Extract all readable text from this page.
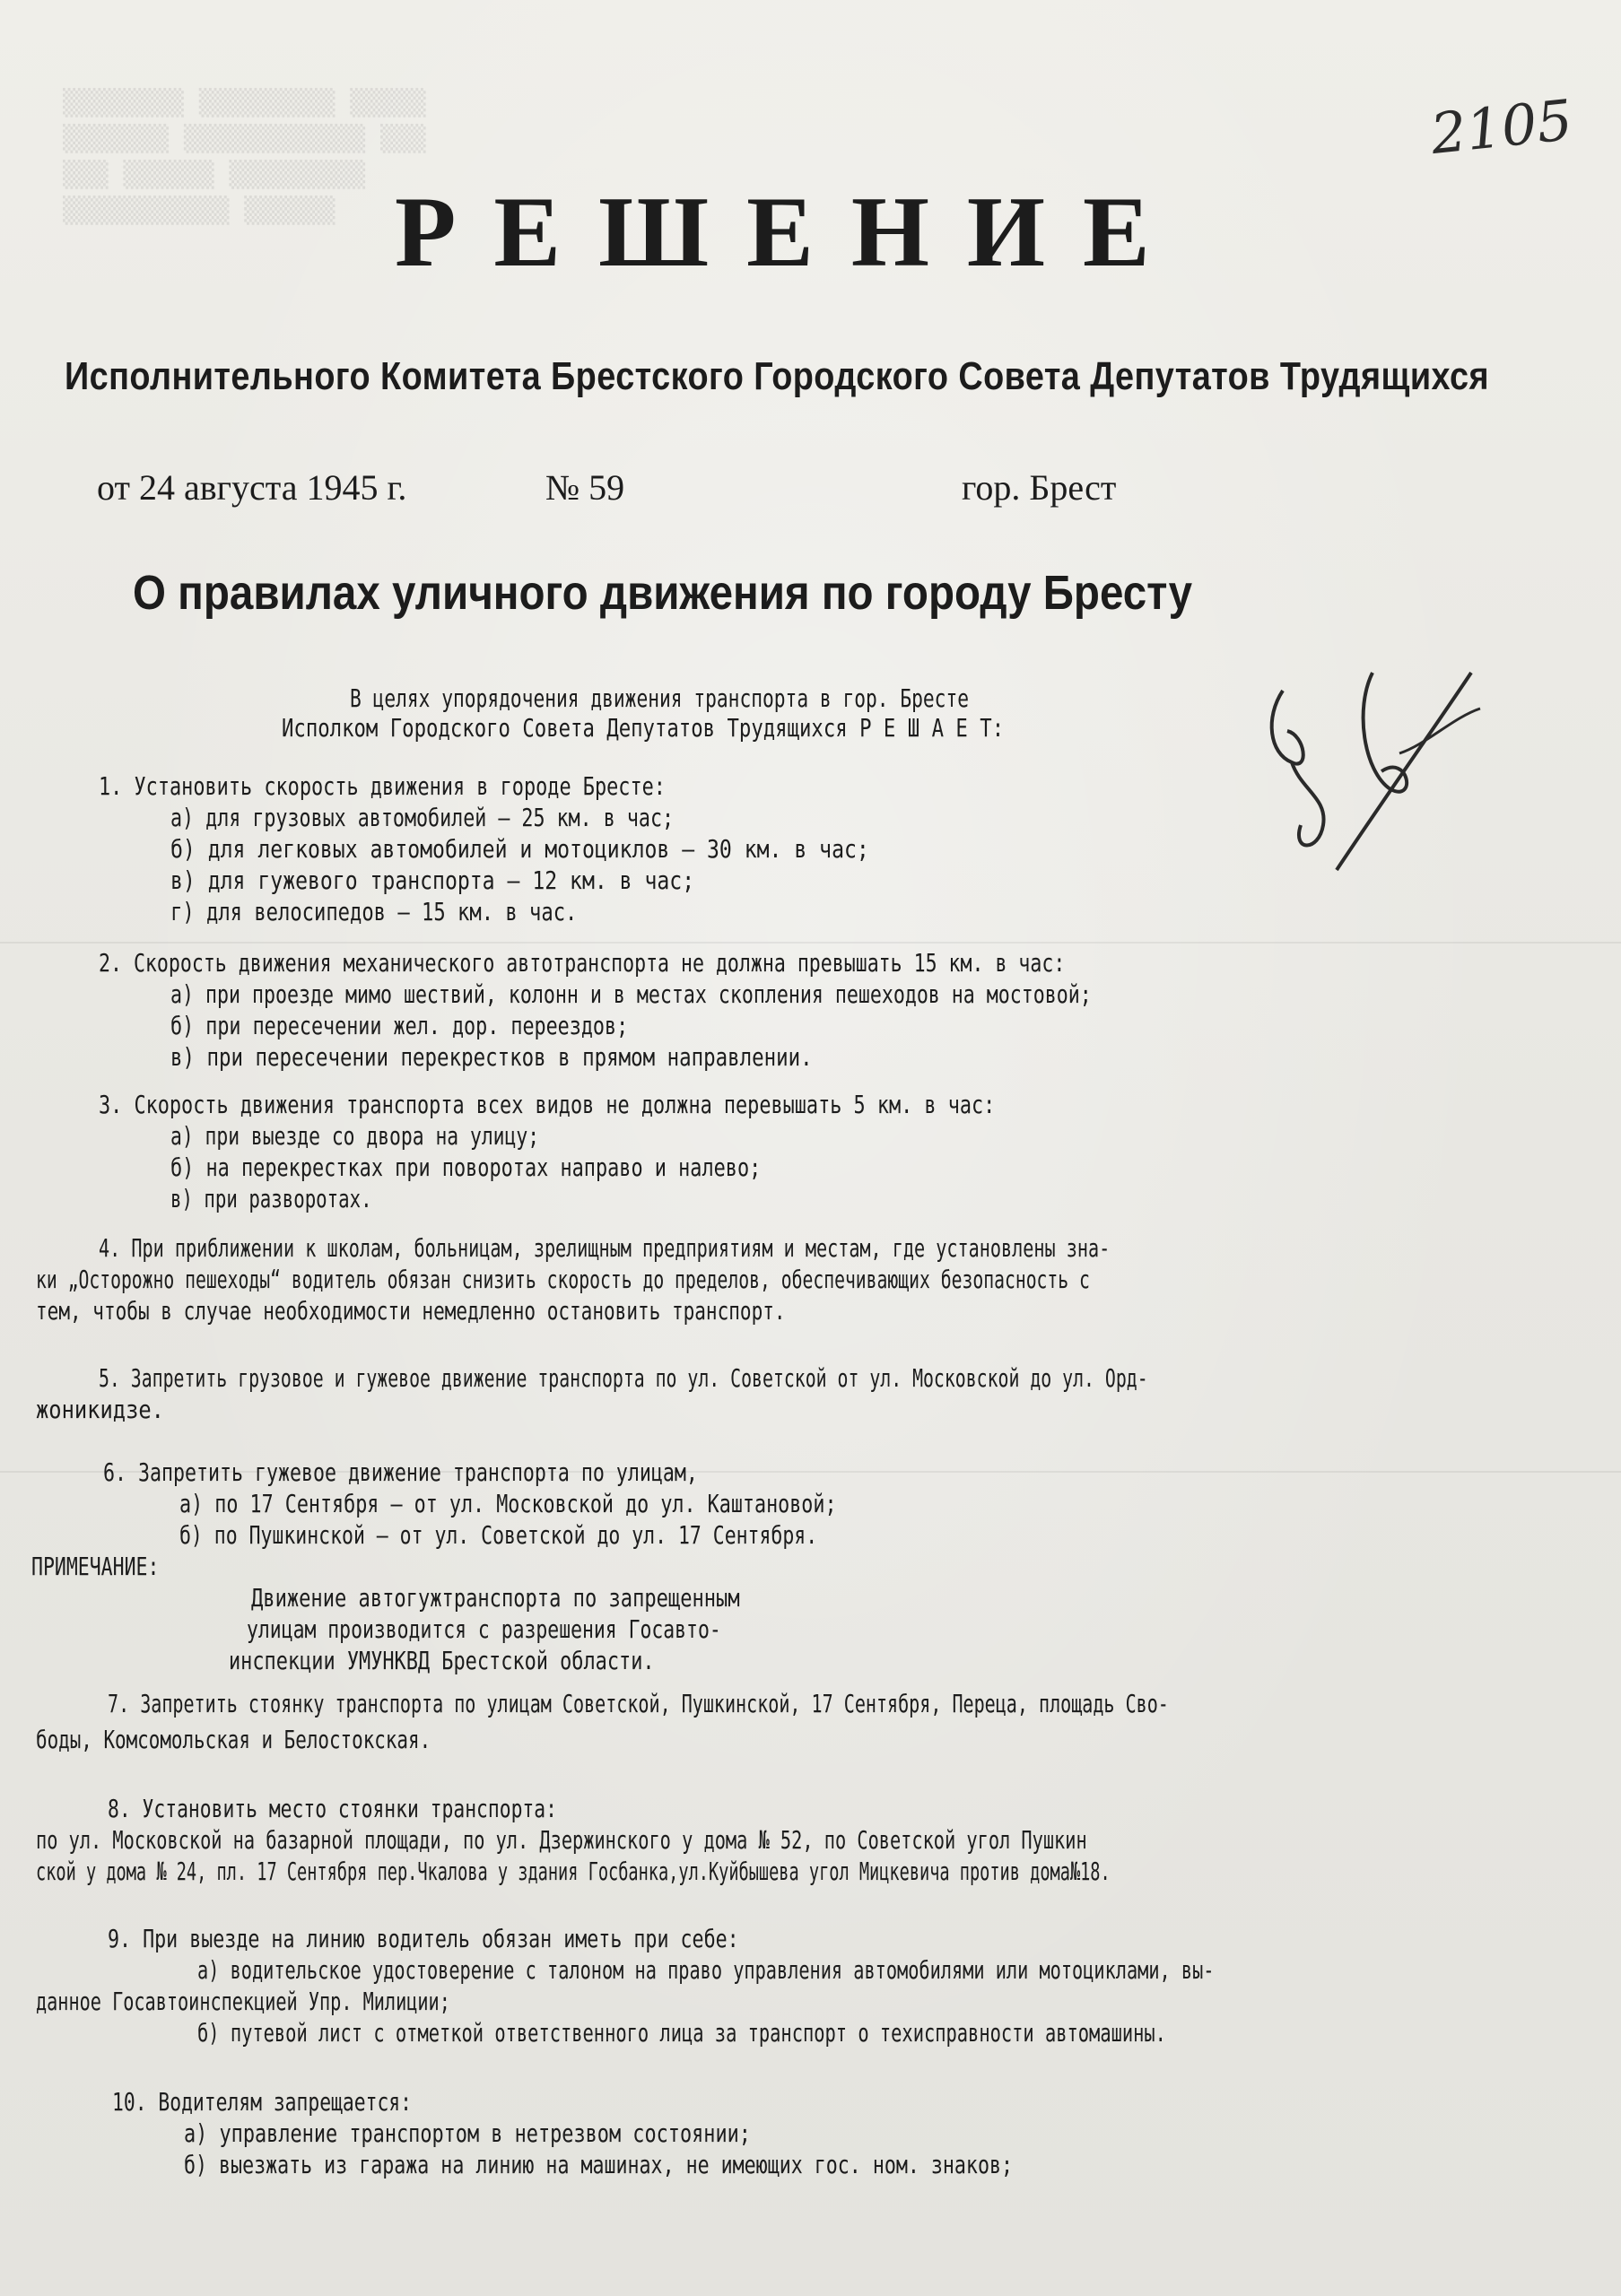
▒▒▒▒▒▒▒▒ ▒▒▒▒▒▒▒▒▒ ▒▒▒▒▒
▒▒▒▒▒▒▒ ▒▒▒▒▒▒▒▒▒▒▒▒ ▒▒▒
▒▒▒ ▒▒▒▒▒▒ ▒▒▒▒▒▒▒▒▒
▒▒▒▒▒▒▒▒▒▒▒ ▒▒▒▒▒▒
2105
РЕШЕНИЕ
Исполнительного Комитета Брестского Городского Совета Депутатов Трудящихся
от 24 августа 1945 г.	№ 59	гор. Брест
О правилах уличного движения по городу Бресту
В целях упорядочения движения транспорта в гор. Бресте
Исполком Городского Совета Депутатов Трудящихся Р Е Ш А Е Т:
1. Установить скорость движения в городе Бресте:
а) для грузовых автомобилей — 25 км. в час;
б) для легковых автомобилей и мотоциклов — 30 км. в час;
в) для гужевого транспорта — 12 км. в час;
г) для велосипедов — 15 км. в час.
2. Скорость движения механического автотранспорта не должна превышать 15 км. в час:
а) при проезде мимо шествий, колонн и в местах скопления пешеходов на мостовой;
б) при пересечении жел. дор. переездов;
в) при пересечении перекрестков в прямом направлении.
3. Скорость движения транспорта всех видов не должна перевышать 5 км. в час:
а) при выезде со двора на улицу;
б) на перекрестках при поворотах направо и налево;
в) при разворотах.
4. При приближении к школам, больницам, зрелищным предприятиям и местам, где установлены зна-
ки „Осторожно пешеходы“ водитель обязан снизить скорость до пределов, обеспечивающих безопасность с
тем, чтобы в случае необходимости немедленно остановить транспорт.
5. Запретить грузовое и гужевое движение транспорта по ул. Советской от ул. Московской до ул. Орд-
жоникидзе.
6. Запретить гужевое движение транспорта по улицам,
а) по 17 Сентября — от ул. Московской до ул. Каштановой;
б) по Пушкинской — от ул. Советской до ул. 17 Сентября.
ПРИМЕЧАНИЕ:
Движение автогужтранспорта по запрещенным
улицам производится с разрешения Госавто-
инспекции УМУНКВД Брестской области.
7. Запретить стоянку транспорта по улицам Советской, Пушкинской, 17 Сентября, Переца, площадь Сво-
боды, Комсомольская и Белостокская.
8. Установить место стоянки транспорта:
по ул. Московской на базарной площади, по ул. Дзержинского у дома № 52, по Советской угол Пушкин
ской у дома № 24, пл. 17 Сентября пер.Чкалова у здания Госбанка,ул.Куйбышева угол Мицкевича против дома№18.
9. При выезде на линию водитель обязан иметь при себе:
а) водительское удостоверение с талоном на право управления автомобилями или мотоциклами, вы-
данное Госавтоинспекцией Упр. Милиции;
б) путевой лист с отметкой ответственного лица за транспорт о техисправности автомашины.
10. Водителям запрещается:
а) управление транспортом в нетрезвом состоянии;
б) выезжать из гаража на линию на машинах, не имеющих гос. ном. знаков;
